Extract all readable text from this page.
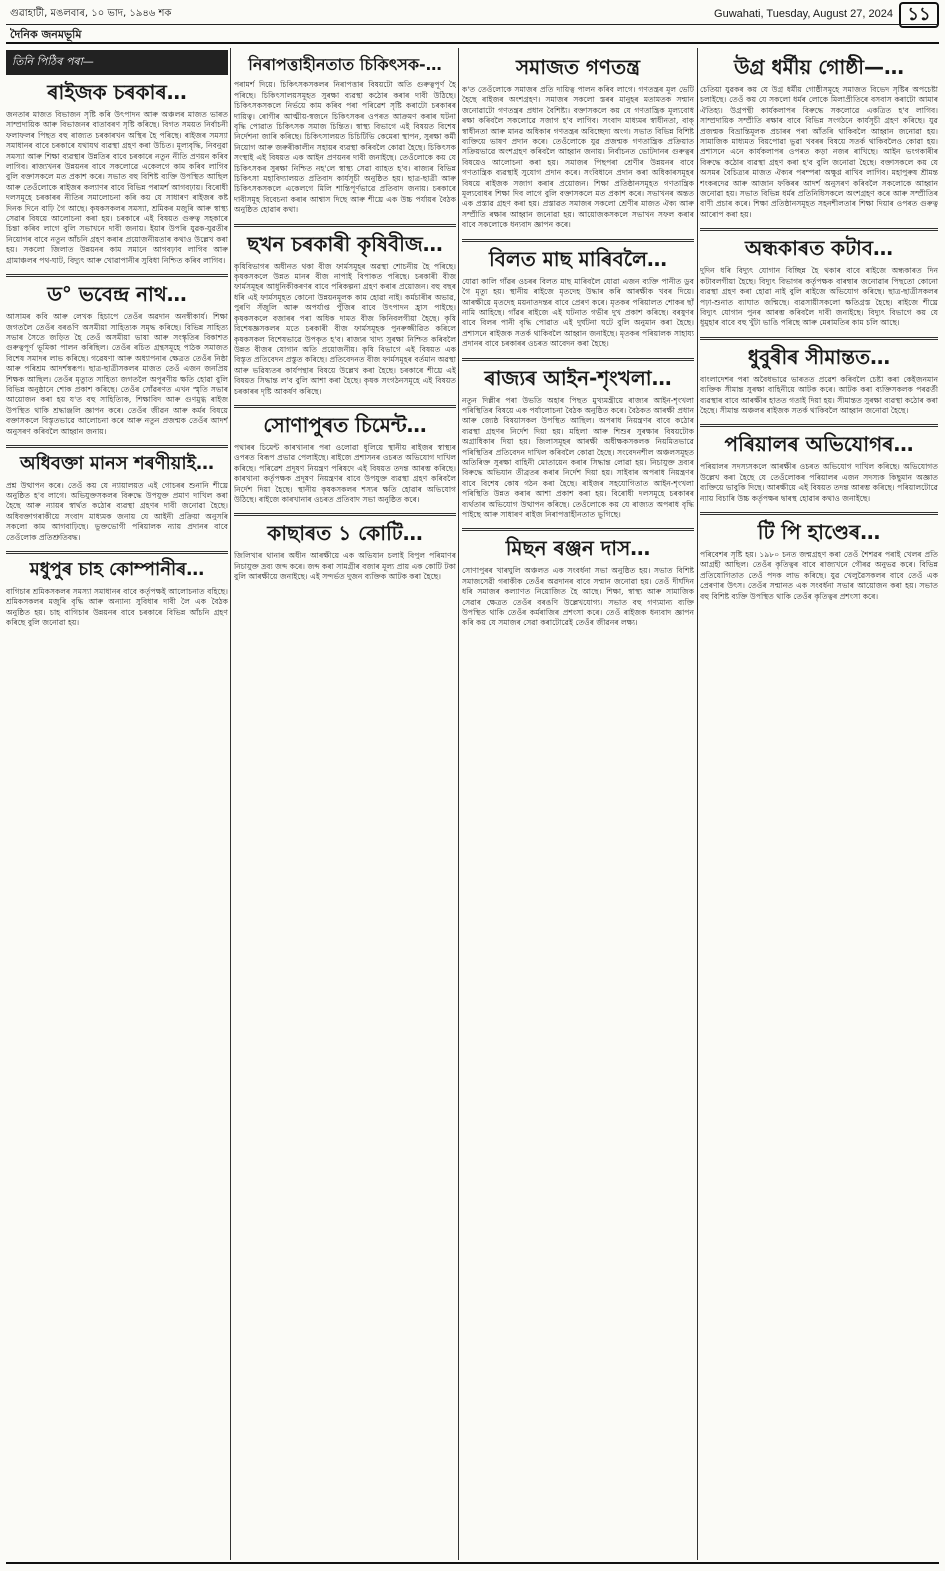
গুৱাহাটী, মঙলবাৰ, ১০ ভাদ, ১৯৪৬ শক	Guwahati, Tuesday, August 27, 2024 ১১
দৈনিক জনমভূমি
তিনি পিঠিৰ পৰা—
ৰাইজক চৰকাৰ…
জনতাৰ মাজত বিভাজন সৃষ্টি কৰি উৎপাদন আৰু অঞ্চলৰ মাজত ভাৰত সাম্প্ৰদায়িক আৰু বিভাজনৰ বাতাবৰণ সৃষ্টি কৰিছে। বিগত সময়ত নিৰ্বাচনী ফলাফলৰ পিছত বহু ৰাজ্যত চৰকাৰখন অস্থিৰ হৈ পৰিছে। ৰাইজৰ সমস্যা সমাধানৰ বাবে চৰকাৰে যথাযথ ব্যৱস্থা গ্ৰহণ কৰা উচিত। মূল্যবৃদ্ধি, নিবনুৱা সমস্যা আৰু শিক্ষা ব্যৱস্থাৰ উন্নতিৰ বাবে চৰকাৰে নতুন নীতি প্ৰণয়ন কৰিব লাগিব। ৰাজ্যখনৰ উন্নয়নৰ বাবে সকলোৱে একেলগে কাম কৰিব লাগিব বুলি বক্তাসকলে মত প্ৰকাশ কৰে। সভাত বহু বিশিষ্ট ব্যক্তি উপস্থিত আছিল আৰু তেওঁলোকে ৰাইজৰ কল্যাণৰ বাবে বিভিন্ন পৰামৰ্শ আগবঢ়ায়। বিৰোধী দলসমূহে চৰকাৰৰ নীতিৰ সমালোচনা কৰি কয় যে সাধাৰণ ৰাইজৰ কষ্ট দিনক দিনে বাঢ়ি গৈ আছে। কৃষকসকলৰ সমস্যা, শ্ৰমিকৰ মজুৰি আৰু স্বাস্থ্য সেৱাৰ বিষয়ে আলোচনা কৰা হয়। চৰকাৰে এই বিষয়ত গুৰুত্ব সহকাৰে চিন্তা কৰিব লাগে বুলি সভাখনে দাবী জনায়। ইয়াৰ উপৰি যুৱক-যুৱতীৰ নিয়োগৰ বাবে নতুন আঁচনি গ্ৰহণ কৰাৰ প্ৰয়োজনীয়তাৰ কথাও উল্লেখ কৰা হয়। সকলো জিলাত উন্নয়নৰ কাম সমানে আগবঢ়াব লাগিব আৰু গ্ৰামাঞ্চলৰ পথ-ঘাট, বিদ্যুৎ আৰু খোৱাপানীৰ সুবিধা নিশ্চিত কৰিব লাগিব।
ড° ভবেন্দ্ৰ নাথ…
আসামৰ কবি আৰু লেখক হিচাপে তেওঁৰ অৱদান অনস্বীকাৰ্য। শিক্ষা জগতলৈ তেওঁৰ বৰঙণি অসমীয়া সাহিত্যক সমৃদ্ধ কৰিছে। বিভিন্ন সাহিত্য সভাৰ সৈতে জড়িত হৈ তেওঁ অসমীয়া ভাষা আৰু সংস্কৃতিৰ বিকাশত গুৰুত্বপূৰ্ণ ভূমিকা পালন কৰিছিল। তেওঁৰ ৰচিত গ্ৰন্থসমূহে পাঠক সমাজত বিশেষ সমাদৰ লাভ কৰিছে। গৱেষণা আৰু অধ্যাপনাৰ ক্ষেত্ৰত তেওঁৰ নিষ্ঠা আৰু পৰিশ্ৰম আদৰ্শস্বৰূপ। ছাত্ৰ-ছাত্ৰীসকলৰ মাজত তেওঁ এজন জনপ্ৰিয় শিক্ষক আছিল। তেওঁৰ মৃত্যুত সাহিত্য জগতলৈ অপূৰণীয় ক্ষতি হোৱা বুলি বিভিন্ন অনুষ্ঠানে শোক প্ৰকাশ কৰিছে। তেওঁৰ সোঁৱৰণত এখন স্মৃতি সভাৰ আয়োজন কৰা হয় য'ত বহু সাহিত্যিক, শিক্ষাবিদ আৰু গুণমুগ্ধ ৰাইজ উপস্থিত থাকি শ্ৰদ্ধাঞ্জলি জ্ঞাপন কৰে। তেওঁৰ জীৱন আৰু কৰ্মৰ বিষয়ে বক্তাসকলে বিস্তৃতভাৱে আলোচনা কৰে আৰু নতুন প্ৰজন্মক তেওঁৰ আদৰ্শ অনুসৰণ কৰিবলৈ আহ্বান জনায়।
অধিবক্তা মানস শৰণীয়াই…
প্ৰশ্ন উত্থাপন কৰে। তেওঁ কয় যে ন্যায়ালয়ত এই গোচৰৰ শুনানি শীঘ্ৰে অনুষ্ঠিত হ'ব লাগে। অভিযুক্তসকলৰ বিৰুদ্ধে উপযুক্ত প্ৰমাণ দাখিল কৰা হৈছে আৰু ন্যায়ৰ স্বাৰ্থত কঠোৰ ব্যৱস্থা গ্ৰহণৰ দাবী জনোৱা হৈছে। অধিবক্তাগৰাকীয়ে সংবাদ মাধ্যমক জনায় যে আইনী প্ৰক্ৰিয়া অনুসৰি সকলো কাম আগবাঢ়িছে। ভুক্তভোগী পৰিয়ালক ন্যায় প্ৰদানৰ বাবে তেওঁলোক প্ৰতিশ্ৰুতিবদ্ধ।
মধুপুৰ চাহ কোম্পানীৰ…
বাগিচাৰ শ্ৰমিকসকলৰ সমস্যা সমাধানৰ বাবে কৰ্তৃপক্ষই আলোচনাত বহিছে। শ্ৰমিকসকলৰ মজুৰি বৃদ্ধি আৰু অন্যান্য সুবিধাৰ দাবী লৈ এক বৈঠক অনুষ্ঠিত হয়। চাহ বাগিচাৰ উন্নয়নৰ বাবে চৰকাৰে বিভিন্ন আঁচনি গ্ৰহণ কৰিছে বুলি জনোৱা হয়।
নিৰাপত্তাহীনতাত চিকিৎসক-…
পৰামৰ্শ দিয়ে। চিকিৎসকসকলৰ নিৰাপত্তাৰ বিষয়টো অতি গুৰুত্বপূৰ্ণ হৈ পৰিছে। চিকিৎসালয়সমূহত সুৰক্ষা ব্যৱস্থা কঠোৰ কৰাৰ দাবী উঠিছে। চিকিৎসকসকলে নিৰ্ভয়ে কাম কৰিব পৰা পৰিৱেশ সৃষ্টি কৰাটো চৰকাৰৰ দায়িত্ব। ৰোগীৰ আত্মীয়-স্বজনে চিকিৎসকৰ ওপৰত আক্ৰমণ কৰাৰ ঘটনা বৃদ্ধি পোৱাত চিকিৎসক সমাজ চিন্তিত। স্বাস্থ্য বিভাগে এই বিষয়ত বিশেষ নিৰ্দেশনা জাৰি কৰিছে। চিকিৎসালয়ত চিচিটিভি কেমেৰা স্থাপন, সুৰক্ষা কৰ্মী নিয়োগ আৰু জৰুৰীকালীন সহায়ৰ ব্যৱস্থা কৰিবলৈ কোৱা হৈছে। চিকিৎসক সংস্থাই এই বিষয়ত এক আইন প্ৰণয়নৰ দাবী জনাইছে। তেওঁলোকে কয় যে চিকিৎসকৰ সুৰক্ষা নিশ্চিত নহ'লে স্বাস্থ্য সেৱা ব্যাহত হ'ব। ৰাজ্যৰ বিভিন্ন চিকিৎসা মহাবিদ্যালয়ত প্ৰতিবাদ কাৰ্যসূচী অনুষ্ঠিত হয়। ছাত্ৰ-ছাত্ৰী আৰু চিকিৎসকসকলে একেলগে মিলি শান্তিপূৰ্ণভাৱে প্ৰতিবাদ জনায়। চৰকাৰে দাবীসমূহ বিবেচনা কৰাৰ আশ্বাস দিছে আৰু শীঘ্ৰে এক উচ্চ পৰ্যায়ৰ বৈঠক অনুষ্ঠিত হোৱাৰ কথা।
ছখন চৰকাৰী কৃষিবীজ…
কৃষিবিভাগৰ অধীনত থকা বীজ ফাৰ্মসমূহৰ অৱস্থা শোচনীয় হৈ পৰিছে। কৃষকসকলে উন্নত মানৰ বীজ নাপাই বিপাকত পৰিছে। চৰকাৰী বীজ ফাৰ্মসমূহৰ আধুনিকীকৰণৰ বাবে পৰিকল্পনা গ্ৰহণ কৰাৰ প্ৰয়োজন। বহু বছৰ ধৰি এই ফাৰ্মসমূহত কোনো উন্নয়নমূলক কাম হোৱা নাই। কৰ্মচাৰীৰ অভাৱ, পুৰণি সঁজুলি আৰু অপৰ্যাপ্ত পুঁজিৰ বাবে উৎপাদন হ্ৰাস পাইছে। কৃষকসকলে বজাৰৰ পৰা অধিক দামত বীজ কিনিবলগীয়া হৈছে। কৃষি বিশেষজ্ঞসকলৰ মতে চৰকাৰী বীজ ফাৰ্মসমূহক পুনৰুজ্জীৱিত কৰিলে কৃষকসকল বিশেষভাৱে উপকৃত হ'ব। ৰাজ্যৰ খাদ্য সুৰক্ষা নিশ্চিত কৰিবলৈ উন্নত বীজৰ যোগান অতি প্ৰয়োজনীয়। কৃষি বিভাগে এই বিষয়ত এক বিস্তৃত প্ৰতিবেদন প্ৰস্তুত কৰিছে। প্ৰতিবেদনত বীজ ফাৰ্মসমূহৰ বৰ্তমান অৱস্থা আৰু ভৱিষ্যতৰ কাৰ্যপন্থাৰ বিষয়ে উল্লেখ কৰা হৈছে। চৰকাৰে শীঘ্ৰে এই বিষয়ত সিদ্ধান্ত ল'ব বুলি আশা কৰা হৈছে। কৃষক সংগঠনসমূহে এই বিষয়ত চৰকাৰৰ দৃষ্টি আকৰ্ষণ কৰিছে।
সোণাপুৰত চিমেন্ট…
পথাৰৰ চিমেন্ট কাৰখানাৰ পৰা ওলোৱা ধূলিয়ে স্থানীয় ৰাইজৰ স্বাস্থ্যৰ ওপৰত বিৰূপ প্ৰভাৱ পেলাইছে। ৰাইজে প্ৰশাসনৰ ওচৰত অভিযোগ দাখিল কৰিছে। পৰিৱেশ প্ৰদূষণ নিয়ন্ত্ৰণ পৰিষদে এই বিষয়ত তদন্ত আৰম্ভ কৰিছে। কাৰখানা কৰ্তৃপক্ষক প্ৰদূষণ নিয়ন্ত্ৰণৰ বাবে উপযুক্ত ব্যৱস্থা গ্ৰহণ কৰিবলৈ নিৰ্দেশ দিয়া হৈছে। স্থানীয় কৃষকসকলৰ শস্যৰ ক্ষতি হোৱাৰ অভিযোগ উঠিছে। ৰাইজে কাৰখানাৰ ওচৰত প্ৰতিবাদ সভা অনুষ্ঠিত কৰে।
কাছাৰত ১ কোটি…
জিলিখাৰ থানাৰ অধীন আৰক্ষীয়ে এক অভিযান চলাই বিপুল পৰিমাণৰ নিচাযুক্ত দ্ৰব্য জব্দ কৰে। জব্দ কৰা সামগ্ৰীৰ বজাৰ মূল্য প্ৰায় এক কোটি টকা বুলি আৰক্ষীয়ে জনাইছে। এই সন্দৰ্ভত দুজন ব্যক্তিক আটক কৰা হৈছে।
সমাজত গণতন্ত্ৰ
ক'ত তেওঁলোকে সমাজৰ প্ৰতি দায়িত্ব পালন কৰিব লাগে। গণতন্ত্ৰৰ মূল ভেটি হৈছে ৰাইজৰ অংশগ্ৰহণ। সমাজৰ সকলো স্তৰৰ মানুহৰ মতামতক সন্মান জনোৱাটো গণতন্ত্ৰৰ প্ৰধান বৈশিষ্ট্য। বক্তাসকলে কয় যে গণতান্ত্ৰিক মূল্যবোধ ৰক্ষা কৰিবলৈ সকলোৱে সজাগ হ'ব লাগিব। সংবাদ মাধ্যমৰ স্বাধীনতা, বাক্ স্বাধীনতা আৰু মানৱ অধিকাৰ গণতন্ত্ৰৰ অবিচ্ছেদ্য অংগ। সভাত বিভিন্ন বিশিষ্ট ব্যক্তিয়ে ভাষণ প্ৰদান কৰে। তেওঁলোকে যুৱ প্ৰজন্মক গণতান্ত্ৰিক প্ৰক্ৰিয়াত সক্ৰিয়ভাৱে অংশগ্ৰহণ কৰিবলৈ আহ্বান জনায়। নিৰ্বাচনত ভোটদানৰ গুৰুত্বৰ বিষয়েও আলোচনা কৰা হয়। সমাজৰ পিছপৰা শ্ৰেণীৰ উন্নয়নৰ বাবে গণতান্ত্ৰিক ব্যৱস্থাই সুযোগ প্ৰদান কৰে। সংবিধানে প্ৰদান কৰা অধিকাৰসমূহৰ বিষয়ে ৰাইজক সজাগ কৰাৰ প্ৰয়োজন। শিক্ষা প্ৰতিষ্ঠানসমূহত গণতান্ত্ৰিক মূল্যবোধৰ শিক্ষা দিব লাগে বুলি বক্তাসকলে মত প্ৰকাশ কৰে। সভাখনৰ অন্তত এক প্ৰস্তাৱ গ্ৰহণ কৰা হয়। প্ৰস্তাৱত সমাজৰ সকলো শ্ৰেণীৰ মাজত ঐক্য আৰু সম্প্ৰীতি ৰক্ষাৰ আহ্বান জনোৱা হয়। আয়োজকসকলে সভাখন সফল কৰাৰ বাবে সকলোকে ধন্যবাদ জ্ঞাপন কৰে।
বিলত মাছ মাৰিবলৈ…
যোৱা কালি গাঁৱৰ ওচৰৰ বিলত মাছ মাৰিবলৈ যোৱা এজন ব্যক্তি পানীত ডুব গৈ মৃত্যু হয়। স্থানীয় ৰাইজে মৃতদেহ উদ্ধাৰ কৰি আৰক্ষীক খবৰ দিয়ে। আৰক্ষীয়ে মৃতদেহ ময়নাতদন্তৰ বাবে প্ৰেৰণ কৰে। মৃতকৰ পৰিয়ালত শোকৰ ছাঁ নামি আহিছে। গাঁৱৰ ৰাইজে এই ঘটনাত গভীৰ দুখ প্ৰকাশ কৰিছে। বৰষুণৰ বাবে বিলৰ পানী বৃদ্ধি পোৱাত এই দুৰ্ঘটনা ঘটে বুলি অনুমান কৰা হৈছে। প্ৰশাসনে ৰাইজক সতৰ্ক থাকিবলৈ আহ্বান জনাইছে। মৃতকৰ পৰিয়ালক সাহায্য প্ৰদানৰ বাবে চৰকাৰৰ ওচৰত আবেদন কৰা হৈছে।
ৰাজ্যৰ আইন-শৃংখলা…
নতুন দিল্লীৰ পৰা উভতি অহাৰ পিছত মুখ্যমন্ত্ৰীয়ে ৰাজ্যৰ আইন-শৃংখলা পৰিস্থিতিৰ বিষয়ে এক পৰ্যালোচনা বৈঠক অনুষ্ঠিত কৰে। বৈঠকত আৰক্ষী প্ৰধান আৰু জ্যেষ্ঠ বিষয়াসকল উপস্থিত আছিল। অপৰাধ নিয়ন্ত্ৰণৰ বাবে কঠোৰ ব্যৱস্থা গ্ৰহণৰ নিৰ্দেশ দিয়া হয়। মহিলা আৰু শিশুৰ সুৰক্ষাৰ বিষয়টোক অগ্ৰাধিকাৰ দিয়া হয়। জিলাসমূহৰ আৰক্ষী অধীক্ষকসকলক নিয়মিতভাৱে পৰিস্থিতিৰ প্ৰতিবেদন দাখিল কৰিবলৈ কোৱা হৈছে। সংবেদনশীল অঞ্চলসমূহত অতিৰিক্ত সুৰক্ষা বাহিনী মোতায়েন কৰাৰ সিদ্ধান্ত লোৱা হয়। নিচাযুক্ত দ্ৰব্যৰ বিৰুদ্ধে অভিযান তীব্ৰতৰ কৰাৰ নিৰ্দেশ দিয়া হয়। সাইবাৰ অপৰাধ নিয়ন্ত্ৰণৰ বাবে বিশেষ কোষ গঠন কৰা হৈছে। ৰাইজৰ সহযোগিতাত আইন-শৃংখলা পৰিস্থিতি উন্নত কৰাৰ আশা প্ৰকাশ কৰা হয়। বিৰোধী দলসমূহে চৰকাৰৰ ব্যৰ্থতাৰ অভিযোগ উত্থাপন কৰিছে। তেওঁলোকে কয় যে ৰাজ্যত অপৰাধ বৃদ্ধি পাইছে আৰু সাধাৰণ ৰাইজ নিৰাপত্তাহীনতাত ভুগিছে।
মিছন ৰঞ্জন দাস…
সোণাপুৰৰ খাৰঘুলি অঞ্চলত এক সংবৰ্ধনা সভা অনুষ্ঠিত হয়। সভাত বিশিষ্ট সমাজসেৱী গৰাকীক তেওঁৰ অৱদানৰ বাবে সন্মান জনোৱা হয়। তেওঁ দীৰ্ঘদিন ধৰি সমাজৰ কল্যাণত নিয়োজিত হৈ আছে। শিক্ষা, স্বাস্থ্য আৰু সামাজিক সেৱাৰ ক্ষেত্ৰত তেওঁৰ বৰঙণি উল্লেখযোগ্য। সভাত বহু গণ্যমান্য ব্যক্তি উপস্থিত থাকি তেওঁৰ কৰ্মৰাজিৰ প্ৰশংসা কৰে। তেওঁ ৰাইজক ধন্যবাদ জ্ঞাপন কৰি কয় যে সমাজৰ সেৱা কৰাটোৱেই তেওঁৰ জীৱনৰ লক্ষ্য।
উগ্ৰ ধৰ্মীয় গোষ্ঠী—…
চেতিয়া যুৱকৰ কয় যে উগ্ৰ ধৰ্মীয় গোষ্ঠীসমূহে সমাজত বিভেদ সৃষ্টিৰ অপচেষ্টা চলাইছে। তেওঁ কয় যে সকলো ধৰ্মৰ লোকে মিলাপ্ৰীতিৰে বসবাস কৰাটো আমাৰ ঐতিহ্য। উগ্ৰপন্থী কাৰ্যকলাপৰ বিৰুদ্ধে সকলোৱে একত্ৰিত হ'ব লাগিব। সাম্প্ৰদায়িক সম্প্ৰীতি ৰক্ষাৰ বাবে বিভিন্ন সংগঠনে কাৰ্যসূচী গ্ৰহণ কৰিছে। যুৱ প্ৰজন্মক বিভ্ৰান্তিমূলক প্ৰচাৰৰ পৰা আঁতৰি থাকিবলৈ আহ্বান জনোৱা হয়। সামাজিক মাধ্যমত বিয়পোৱা ভুৱা খবৰৰ বিষয়ে সতৰ্ক থাকিবলৈও কোৱা হয়। প্ৰশাসনে এনে কাৰ্যকলাপৰ ওপৰত কড়া নজৰ ৰাখিছে। আইন ভংগকাৰীৰ বিৰুদ্ধে কঠোৰ ব্যৱস্থা গ্ৰহণ কৰা হ'ব বুলি জনোৱা হৈছে। বক্তাসকলে কয় যে অসমৰ বৈচিত্ৰ্যৰ মাজত ঐক্যৰ পৰম্পৰা অক্ষুণ্ণ ৰাখিব লাগিব। মহাপুৰুষ শ্ৰীমন্ত শংকৰদেৱ আৰু আজান ফকিৰৰ আদৰ্শ অনুসৰণ কৰিবলৈ সকলোকে আহ্বান জনোৱা হয়। সভাত বিভিন্ন ধৰ্মৰ প্ৰতিনিধিসকলে অংশগ্ৰহণ কৰে আৰু সম্প্ৰীতিৰ বাণী প্ৰচাৰ কৰে। শিক্ষা প্ৰতিষ্ঠানসমূহত সহনশীলতাৰ শিক্ষা দিয়াৰ ওপৰত গুৰুত্ব আৰোপ কৰা হয়।
অন্ধকাৰত কটাব…
দুদিন ধৰি বিদ্যুৎ যোগান বিচ্ছিন্ন হৈ থকাৰ বাবে ৰাইজে অন্ধকাৰত দিন কটাবলগীয়া হৈছে। বিদ্যুৎ বিভাগৰ কৰ্তৃপক্ষক বাৰম্বাৰ জনোৱাৰ পিছতো কোনো ব্যৱস্থা গ্ৰহণ কৰা হোৱা নাই বুলি ৰাইজে অভিযোগ কৰিছে। ছাত্ৰ-ছাত্ৰীসকলৰ পঢ়া-শুনাত ব্যাঘাত জন্মিছে। ব্যৱসায়ীসকলো ক্ষতিগ্ৰস্ত হৈছে। ৰাইজে শীঘ্ৰে বিদ্যুৎ যোগান পুনৰ আৰম্ভ কৰিবলৈ দাবী জনাইছে। বিদ্যুৎ বিভাগে কয় যে ধুমুহাৰ বাবে বহু খুঁটা ভাঙি পৰিছে আৰু মেৰামতিৰ কাম চলি আছে।
ধুবুৰীৰ সীমান্তত…
বাংলাদেশৰ পৰা অবৈধভাৱে ভাৰতত প্ৰৱেশ কৰিবলৈ চেষ্টা কৰা কেইজনমান ব্যক্তিক সীমান্ত সুৰক্ষা বাহিনীয়ে আটক কৰে। আটক কৰা ব্যক্তিসকলক পৰৱৰ্তী ব্যৱস্থাৰ বাবে আৰক্ষীৰ হাতত গতাই দিয়া হয়। সীমান্তত সুৰক্ষা ব্যৱস্থা কঠোৰ কৰা হৈছে। সীমান্ত অঞ্চলৰ ৰাইজক সতৰ্ক থাকিবলৈ আহ্বান জনোৱা হৈছে।
পৰিয়ালৰ অভিযোগৰ…
পৰিয়ালৰ সদস্যসকলে আৰক্ষীৰ ওচৰত অভিযোগ দাখিল কৰিছে। অভিযোগত উল্লেখ কৰা হৈছে যে তেওঁলোকৰ পৰিয়ালৰ এজন সদস্যক কিছুমান অজ্ঞাত ব্যক্তিয়ে ভাবুকি দিছে। আৰক্ষীয়ে এই বিষয়ত তদন্ত আৰম্ভ কৰিছে। পৰিয়ালটোৱে ন্যায় বিচাৰি উচ্চ কৰ্তৃপক্ষৰ দ্বাৰস্থ হোৱাৰ কথাও জনাইছে।
টি পি হাণ্ডেৰ…
পৰিবেশৰ সৃষ্টি হয়। ১৯৮০ চনত জন্মগ্ৰহণ কৰা তেওঁ শৈশৱৰ পৰাই খেলৰ প্ৰতি আগ্ৰহী আছিল। তেওঁৰ কৃতিত্বৰ বাবে ৰাজ্যখনে গৌৰৱ অনুভৱ কৰে। বিভিন্ন প্ৰতিযোগিতাত তেওঁ পদক লাভ কৰিছে। যুৱ খেলুৱৈসকলৰ বাবে তেওঁ এক প্ৰেৰণাৰ উৎস। তেওঁৰ সন্মানত এক সংবৰ্ধনা সভাৰ আয়োজন কৰা হয়। সভাত বহু বিশিষ্ট ব্যক্তি উপস্থিত থাকি তেওঁৰ কৃতিত্বৰ প্ৰশংসা কৰে।
